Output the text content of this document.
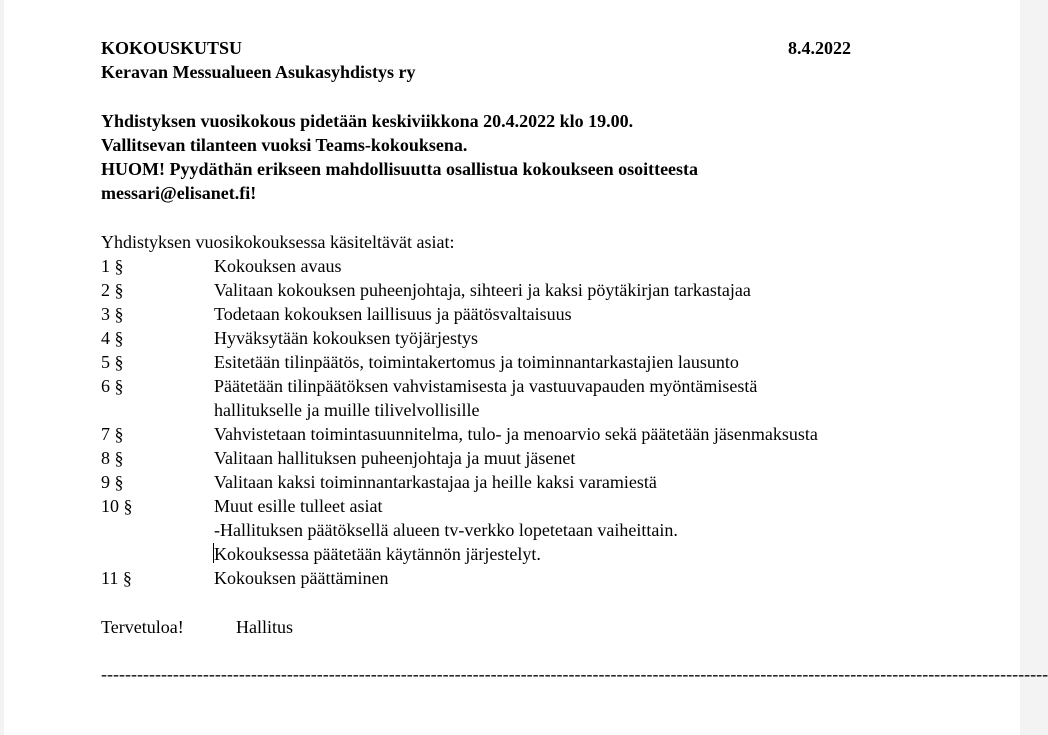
KOKOUSKUTSU	8.4.2022
Keravan Messualueen Asukasyhdistys ry
Yhdistyksen vuosikokous pidetään keskiviikkona 20.4.2022 klo 19.00.
Vallitsevan tilanteen vuoksi Teams-kokouksena.
HUOM! Pyydäthän erikseen mahdollisuutta osallistua kokoukseen osoitteesta
messari@elisanet.fi!
Yhdistyksen vuosikokouksessa käsiteltävät asiat:
1 §	Kokouksen avaus
2 §	Valitaan kokouksen puheenjohtaja, sihteeri ja kaksi pöytäkirjan tarkastajaa
3 §	Todetaan kokouksen laillisuus ja päätösvaltaisuus
4 §	Hyväksytään kokouksen työjärjestys
5 §	Esitetään tilinpäätös, toimintakertomus ja toiminnantarkastajien lausunto
6 §	Päätetään tilinpäätöksen vahvistamisesta ja vastuuvapauden myöntämisestä
hallitukselle ja muille tilivelvollisille
7 §	Vahvistetaan toimintasuunnitelma, tulo- ja menoarvio sekä päätetään jäsenmaksusta
8 §	Valitaan hallituksen puheenjohtaja ja muut jäsenet
9 §	Valitaan kaksi toiminnantarkastajaa ja heille kaksi varamiestä
10 §	Muut esille tulleet asiat
-Hallituksen päätöksellä alueen tv-verkko lopetetaan vaiheittain.
Kokouksessa päätetään käytännön järjestelyt.
11 §	Kokouksen päättäminen
Tervetuloa!	Hallitus
--------------------------------------------------------------------------------------------------------------------------------------------------------------
